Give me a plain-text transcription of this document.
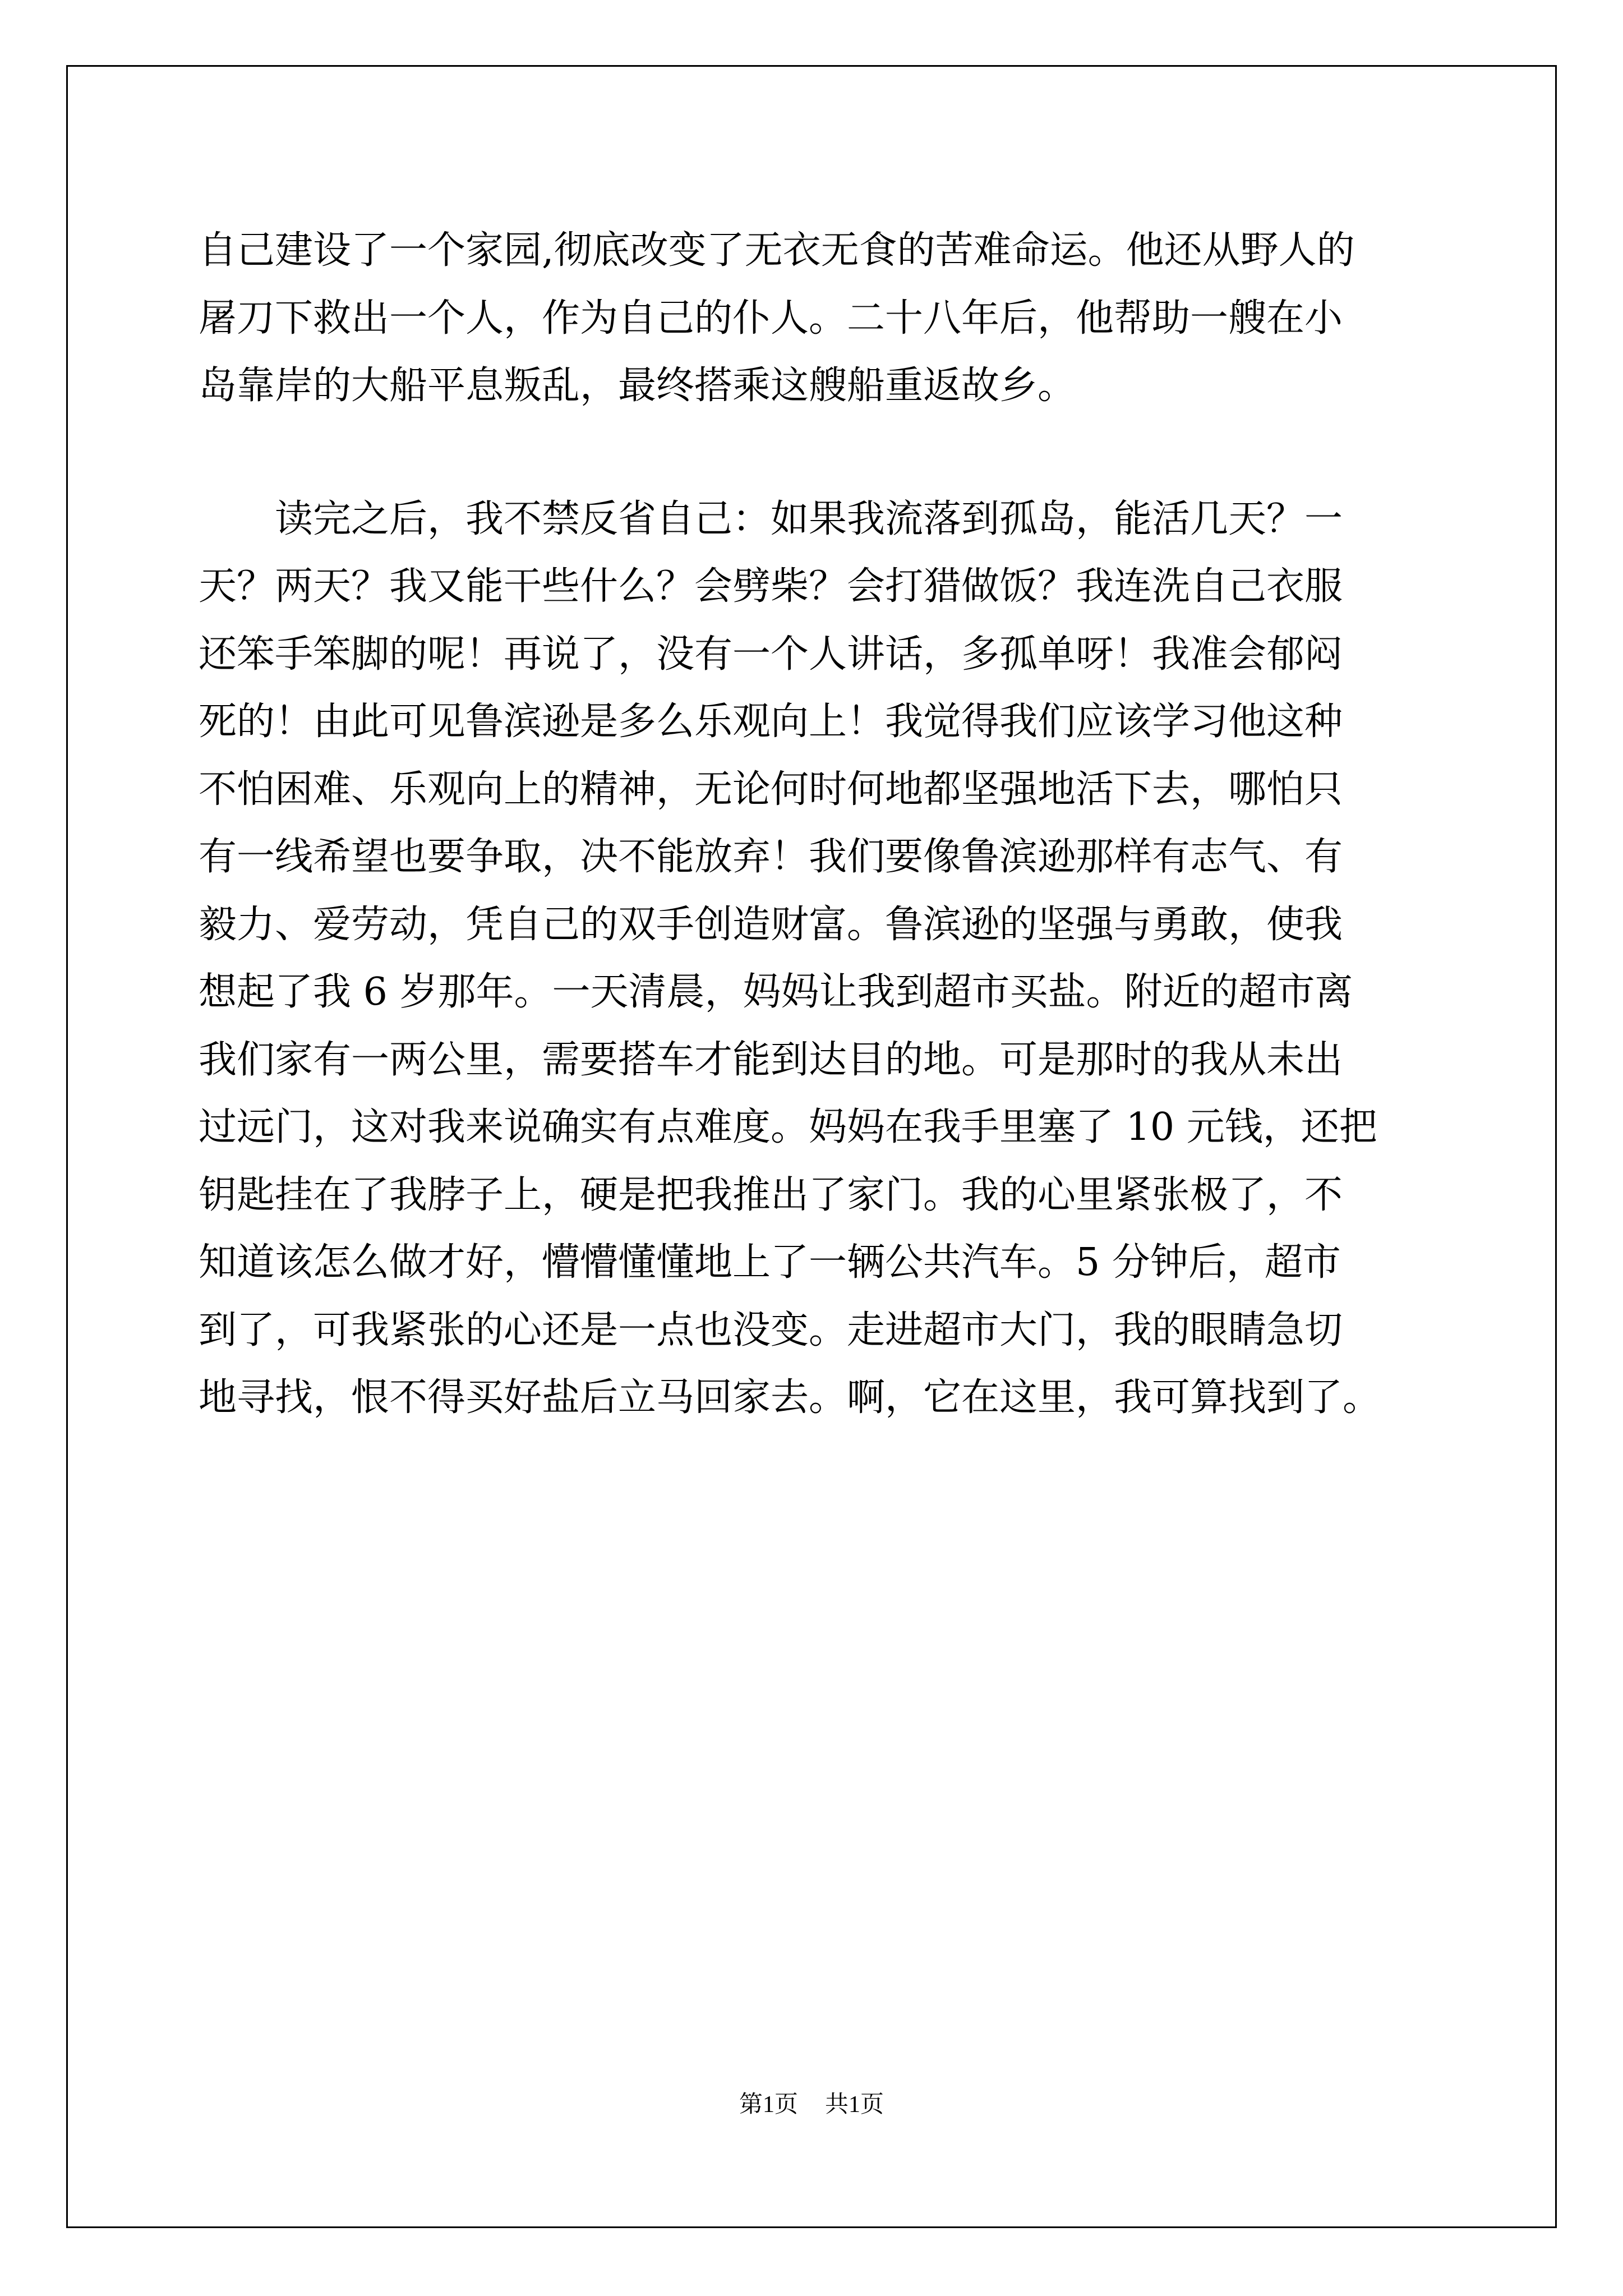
自己建设了一个家园,彻底改变了无衣无食的苦难命运。他还从野人的
屠刀下救出一个人，作为自己的仆人。二十八年后，他帮助一艘在小
岛靠岸的大船平息叛乱，最终搭乘这艘船重返故乡。
　　读完之后，我不禁反省自己：如果我流落到孤岛，能活几天？一
天？两天？我又能干些什么？会劈柴？会打猎做饭？我连洗自己衣服
还笨手笨脚的呢！再说了，没有一个人讲话，多孤单呀！我准会郁闷
死的！由此可见鲁滨逊是多么乐观向上！我觉得我们应该学习他这种
不怕困难、乐观向上的精神，无论何时何地都坚强地活下去，哪怕只
有一线希望也要争取，决不能放弃！我们要像鲁滨逊那样有志气、有
毅力、爱劳动，凭自己的双手创造财富。鲁滨逊的坚强与勇敢，使我
想起了我 6 岁那年。一天清晨，妈妈让我到超市买盐。附近的超市离
我们家有一两公里，需要搭车才能到达目的地。可是那时的我从未出
过远门，这对我来说确实有点难度。妈妈在我手里塞了 10 元钱，还把
钥匙挂在了我脖子上，硬是把我推出了家门。我的心里紧张极了，不
知道该怎么做才好，懵懵懂懂地上了一辆公共汽车。5 分钟后，超市
到了，可我紧张的心还是一点也没变。走进超市大门，我的眼睛急切
地寻找，恨不得买好盐后立马回家去。啊，它在这里，我可算找到了。
第1页 共1页
